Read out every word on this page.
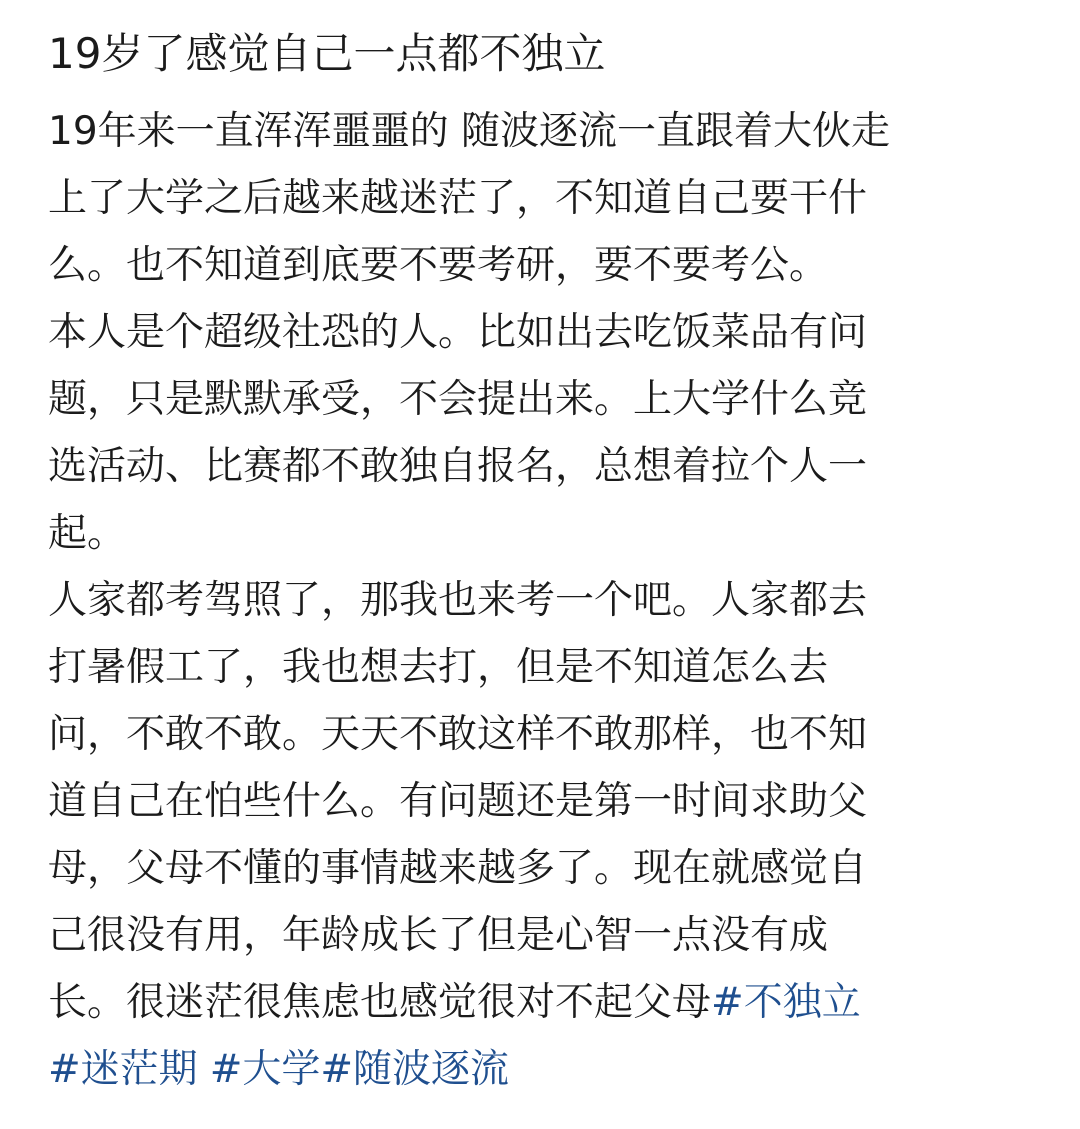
19岁了感觉自己一点都不独立
19年来一直浑浑噩噩的 随波逐流一直跟着大伙走
上了大学之后越来越迷茫了，不知道自己要干什
么。也不知道到底要不要考研，要不要考公。
本人是个超级社恐的人。比如出去吃饭菜品有问
题，只是默默承受，不会提出来。上大学什么竞
选活动、比赛都不敢独自报名，总想着拉个人一
起。
人家都考驾照了，那我也来考一个吧。人家都去
打暑假工了，我也想去打，但是不知道怎么去
问，不敢不敢。天天不敢这样不敢那样，也不知
道自己在怕些什么。有问题还是第一时间求助父
母，父母不懂的事情越来越多了。现在就感觉自
己很没有用，年龄成长了但是心智一点没有成
长。很迷茫很焦虑也感觉很对不起父母#不独立
#迷茫期 #大学#随波逐流
